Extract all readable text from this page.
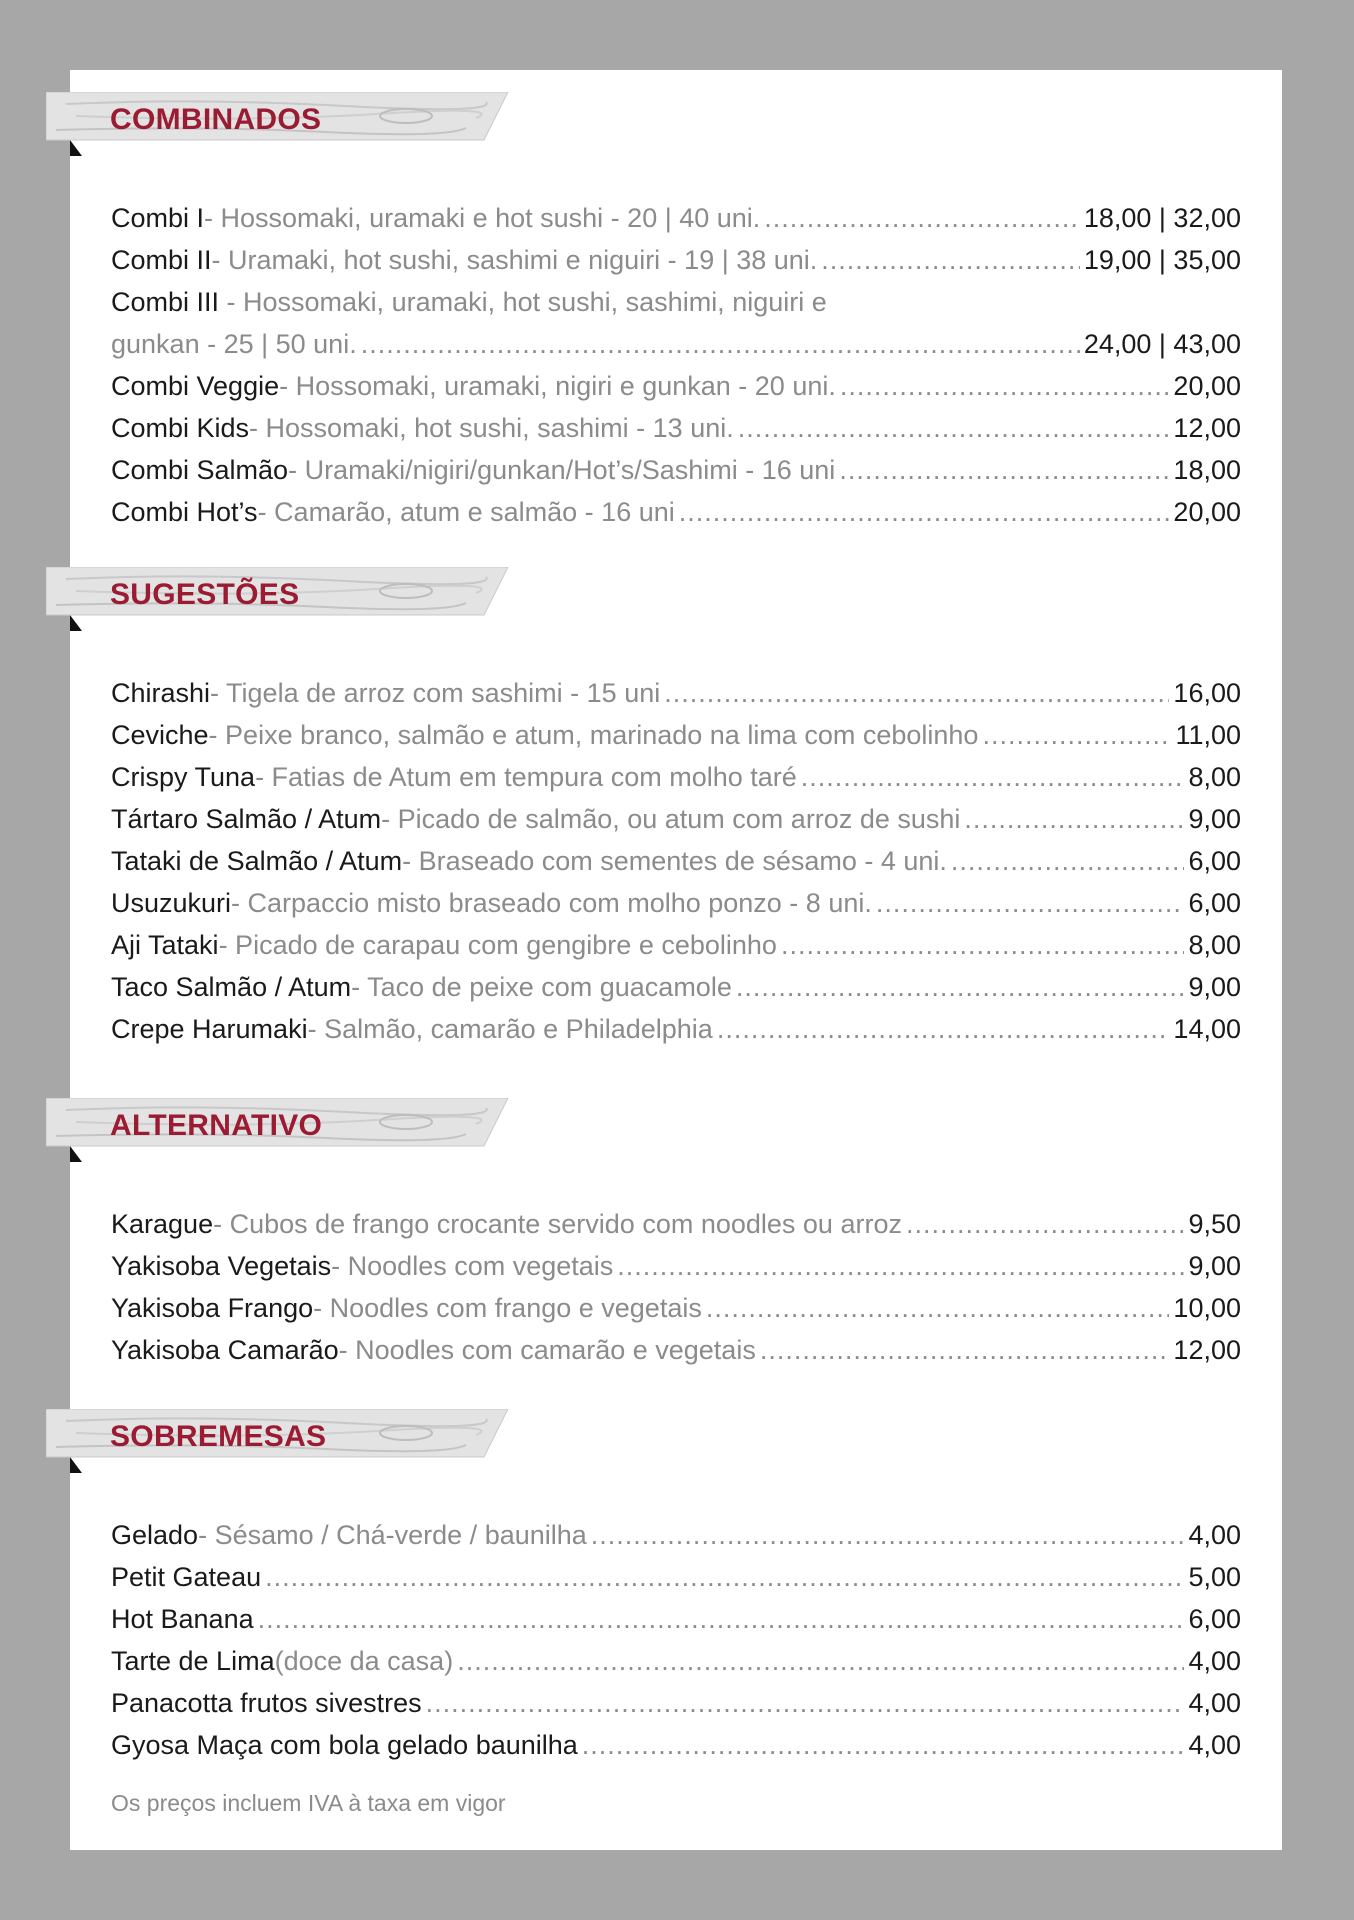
COMBINADOS
Combi I - Hossomaki, uramaki e hot sushi - 20 | 40 uni. .....	18,00 | 32,00
Combi II - Uramaki, hot sushi, sashimi e niguiri - 19 | 38 uni. .....	19,00 | 35,00
Combi III - Hossomaki, uramaki, hot sushi, sashimi, niguiri e
gunkan - 25 | 50 uni. .....	24,00 | 43,00
Combi Veggie - Hossomaki, uramaki, nigiri e gunkan - 20 uni. .....	20,00
Combi Kids - Hossomaki, hot sushi, sashimi - 13 uni. .....	12,00
Combi Salmão - Uramaki/nigiri/gunkan/Hot’s/Sashimi - 16 uni .....	18,00
Combi Hot’s - Camarão, atum e salmão - 16 uni .....	20,00
SUGESTÕES
Chirashi - Tigela de arroz com sashimi - 15 uni .....	16,00
Ceviche - Peixe branco, salmão e atum, marinado na lima com cebolinho .....	11,00
Crispy Tuna - Fatias de Atum em tempura com molho taré .....	8,00
Tártaro Salmão / Atum - Picado de salmão, ou atum com arroz de sushi .....	9,00
Tataki de Salmão / Atum - Braseado com sementes de sésamo - 4 uni. .....	6,00
Usuzukuri - Carpaccio misto braseado com molho ponzo - 8 uni. .....	6,00
Aji Tataki - Picado de carapau com gengibre e cebolinho .....	8,00
Taco Salmão / Atum - Taco de peixe com guacamole .....	9,00
Crepe Harumaki - Salmão, camarão e Philadelphia .....	14,00
ALTERNATIVO
Karague - Cubos de frango crocante servido com noodles ou arroz .....	9,50
Yakisoba Vegetais - Noodles com vegetais .....	9,00
Yakisoba Frango - Noodles com frango e vegetais .....	10,00
Yakisoba Camarão - Noodles com camarão e vegetais .....	12,00
SOBREMESAS
Gelado - Sésamo / Chá-verde / baunilha .....	4,00
Petit Gateau .....	5,00
Hot Banana .....	6,00
Tarte de Lima (doce da casa) .....	4,00
Panacotta frutos sivestres .....	4,00
Gyosa Maça com bola gelado baunilha .....	4,00
Os preços incluem IVA à taxa em vigor
